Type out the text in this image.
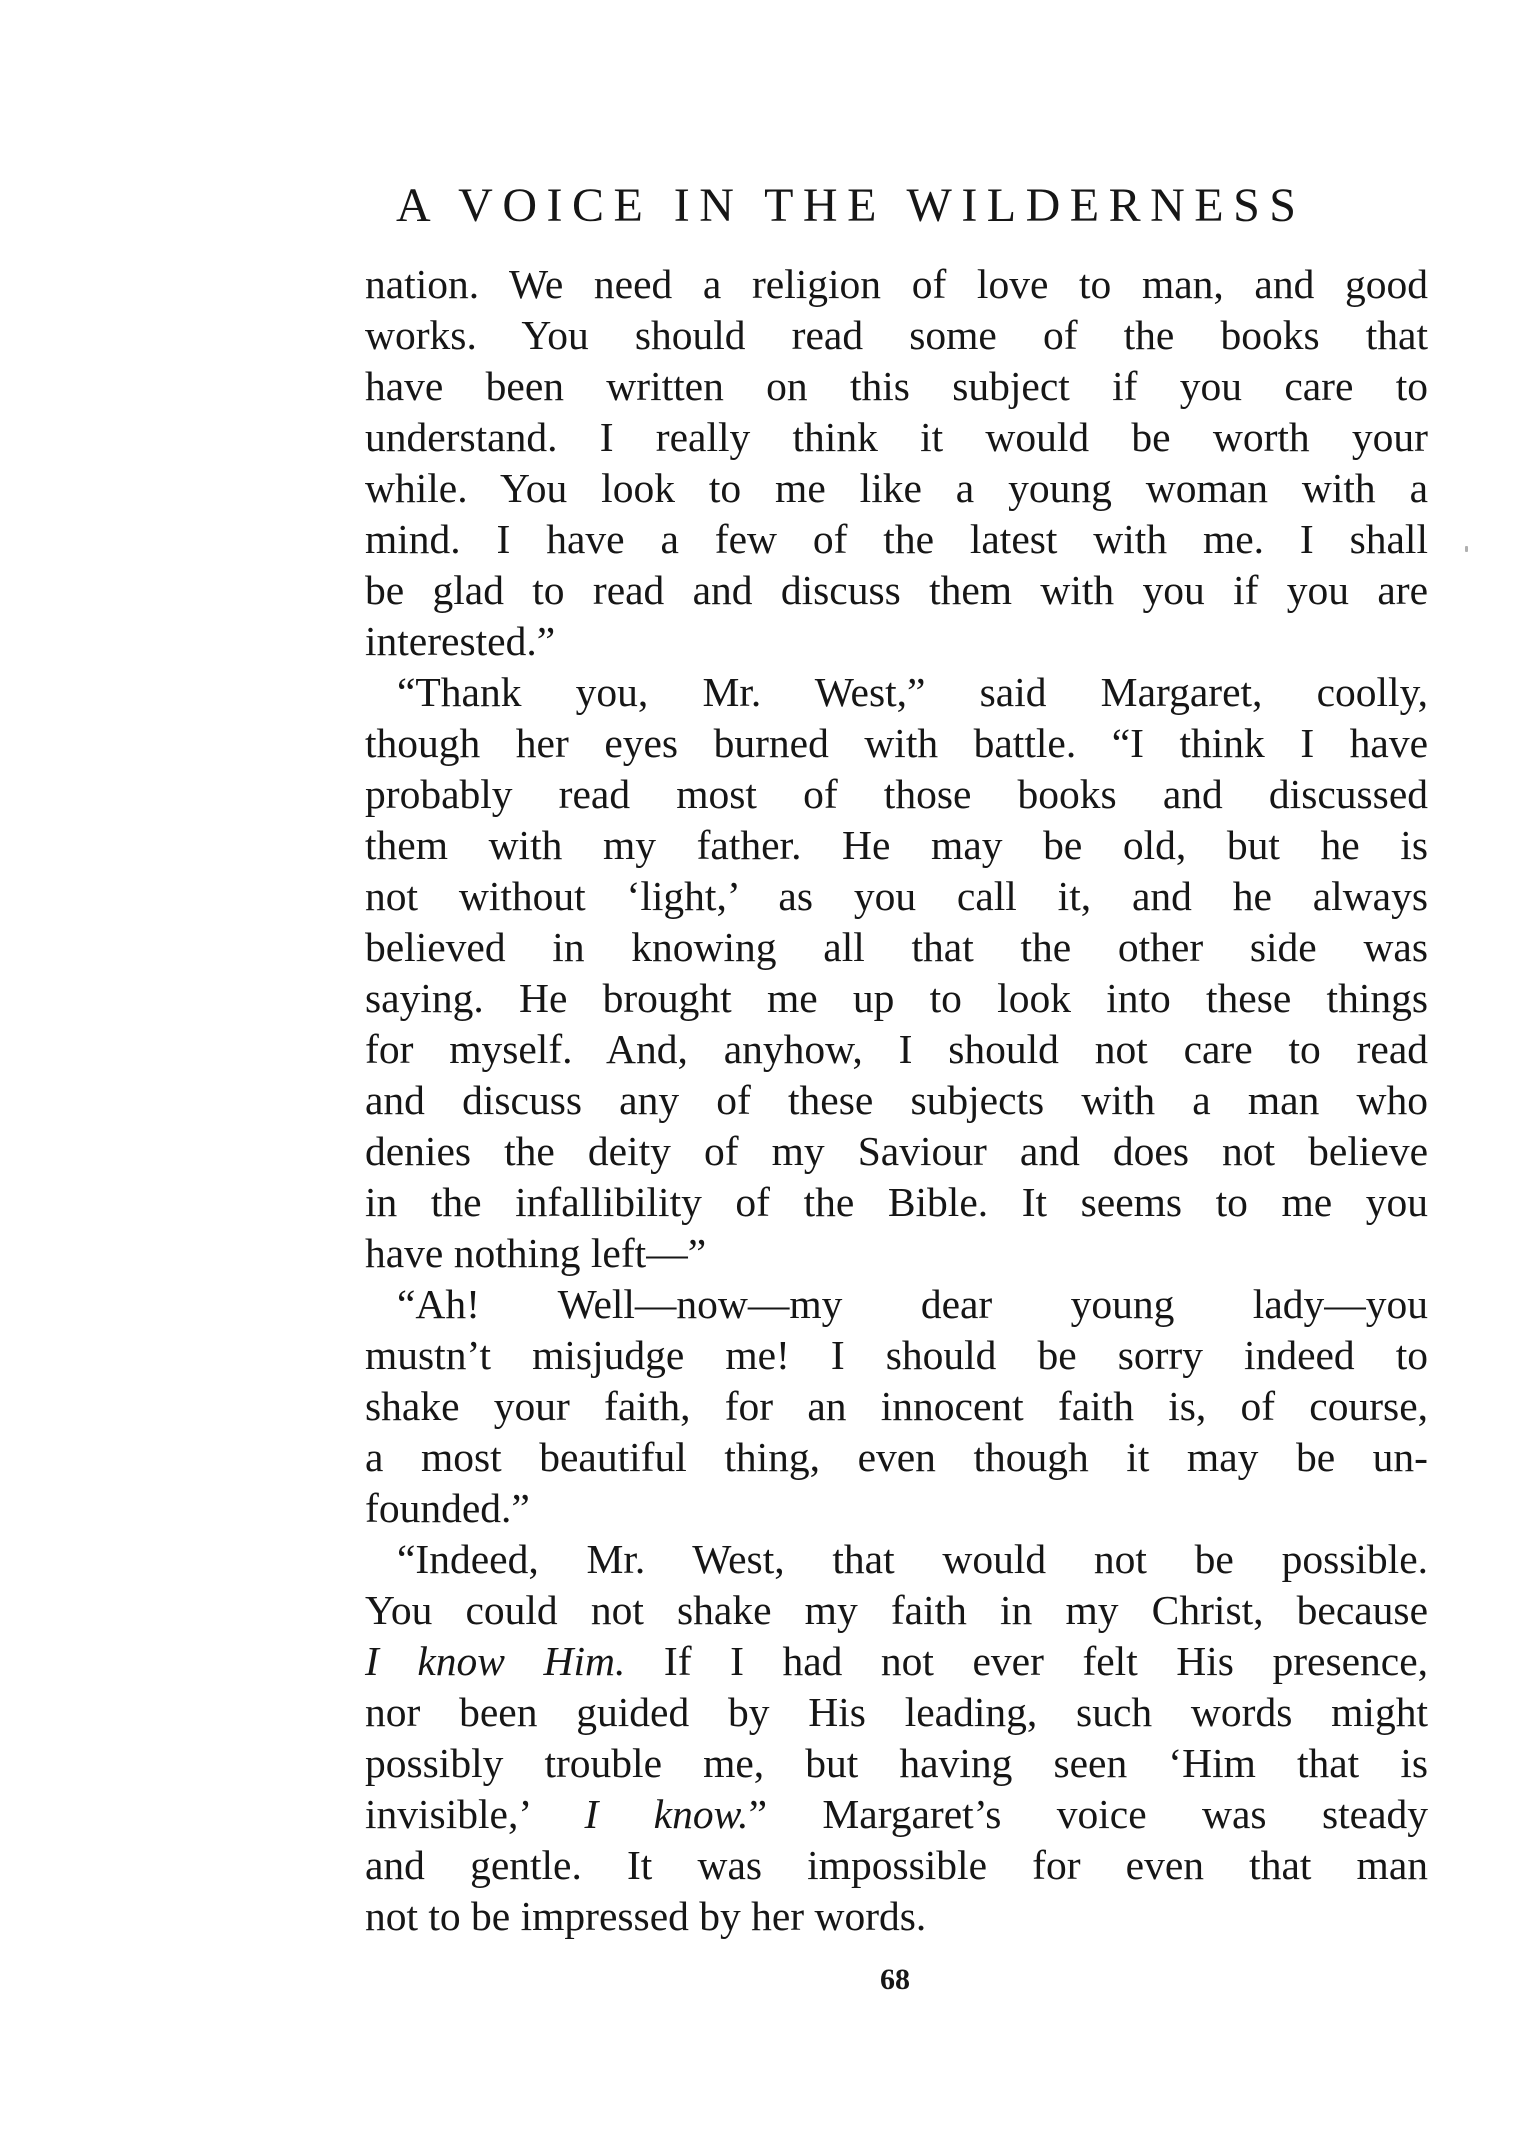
A VOICE IN THE WILDERNESS
nation. We need a religion of love to man, and good
works. You should read some of the books that
have been written on this subject if you care to
understand. I really think it would be worth your
while. You look to me like a young woman with a
mind. I have a few of the latest with me. I shall
be glad to read and discuss them with you if you are
interested.”
“Thank you, Mr. West,” said Margaret, coolly,
though her eyes burned with battle. “I think I have
probably read most of those books and discussed
them with my father. He may be old, but he is
not without ‘light,’ as you call it, and he always
believed in knowing all that the other side was
saying. He brought me up to look into these things
for myself. And, anyhow, I should not care to read
and discuss any of these subjects with a man who
denies the deity of my Saviour and does not believe
in the infallibility of the Bible. It seems to me you
have nothing left—”
“Ah! Well—now—my dear young lady—you
mustn’t misjudge me! I should be sorry indeed to
shake your faith, for an innocent faith is, of course,
a most beautiful thing, even though it may be un-
founded.”
“Indeed, Mr. West, that would not be possible.
You could not shake my faith in my Christ, because
I know Him. If I had not ever felt His presence,
nor been guided by His leading, such words might
possibly trouble me, but having seen ‘Him that is
invisible,’ I know.” Margaret’s voice was steady
and gentle. It was impossible for even that man
not to be impressed by her words.
68
